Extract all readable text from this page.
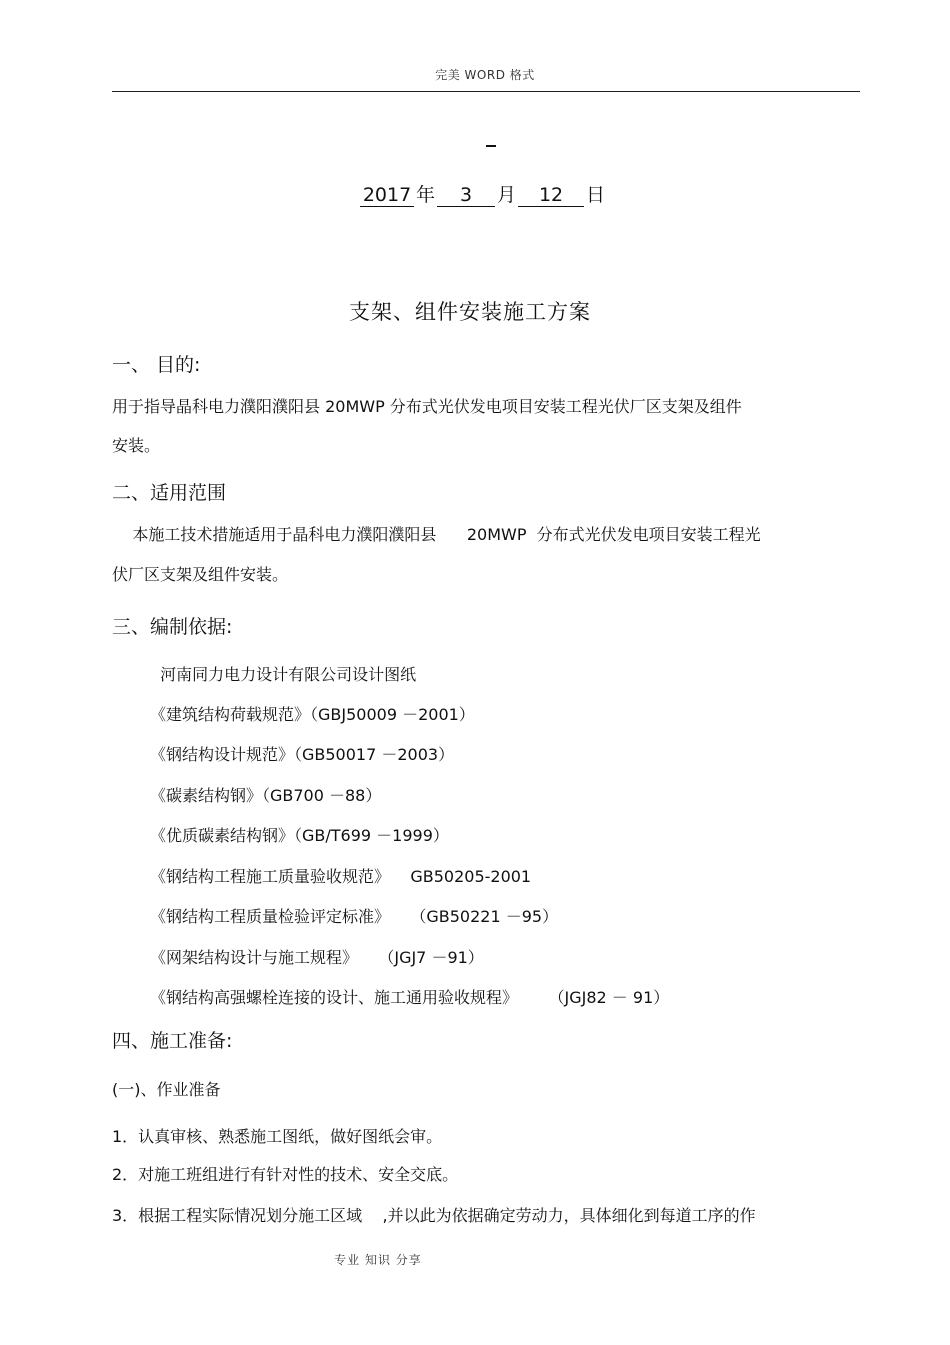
完美 WORD 格式
2017 年 3 月 12 日
支架、组件安装施工方案
一、 目的:
用于指导晶科电力濮阳濮阳县 20MWP 分布式光伏发电项目安装工程光伏厂区支架及组件
安装。
二、适用范围
本施工技术措施适用于晶科电力濮阳濮阳县      20MWP  分布式光伏发电项目安装工程光
伏厂区支架及组件安装。
三、编制依据:
河南同力电力设计有限公司设计图纸
《建筑结构荷载规范》（GBJ50009 －2001）
《钢结构设计规范》（GB50017 －2003）
《碳素结构钢》（GB700 －88）
《优质碳素结构钢》（GB/T699 －1999）
《钢结构工程施工质量验收规范》    GB50205-2001
《钢结构工程质量检验评定标准》    （GB50221 －95）
《网架结构设计与施工规程》    （JGJ7 －91）
《钢结构高强螺栓连接的设计、施工通用验收规程》      （JGJ82 － 91）
四、施工准备:
(一)、作业准备
1．认真审核、熟悉施工图纸，做好图纸会审。
2．对施工班组进行有针对性的技术、安全交底。
3．根据工程实际情况划分施工区域    ,并以此为依据确定劳动力，具体细化到每道工序的作
专业 知识 分享
